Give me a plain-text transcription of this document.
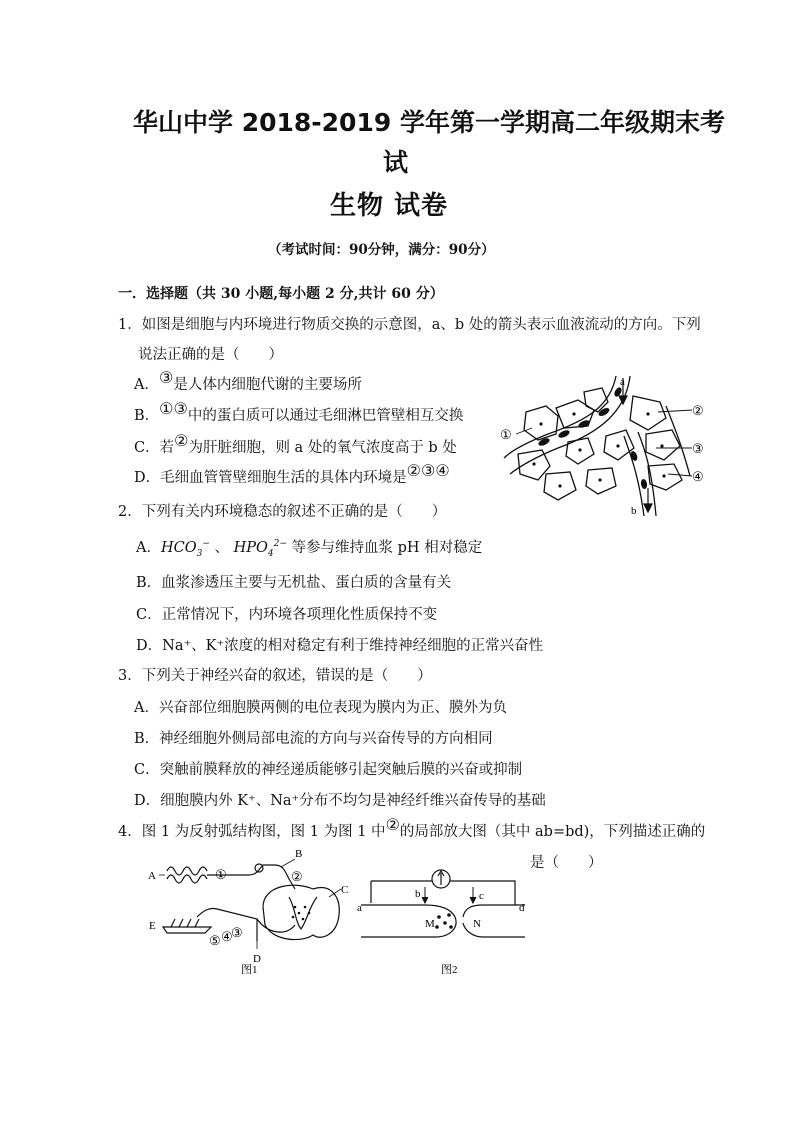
华山中学 2018-2019 学年第一学期高二年级期末考
试
生物 试卷
（考试时间：90分钟，满分：90分）
一．选择题（共 30 小题,每小题 2 分,共计 60 分）
1．如图是细胞与内环境进行物质交换的示意图，a、b 处的箭头表示血液流动的方向。下列
说法正确的是（　　）
A．③是人体内细胞代谢的主要场所
B．①③中的蛋白质可以通过毛细淋巴管壁相互交换
C．若②为肝脏细胞，则 a 处的氧气浓度高于 b 处
D．毛细血管管壁细胞生活的具体内环境是②③④
a
b
①
②
③
④
2．下列有关内环境稳态的叙述不正确的是（　　）
A．$HCO_3^-$ 、 $HPO_4^{2-}$ 等参与维持血浆 pH 相对稳定
B．血浆渗透压主要与无机盐、蛋白质的含量有关
C．正常情况下，内环境各项理化性质保持不变
D．Na⁺、K⁺浓度的相对稳定有利于维持神经细胞的正常兴奋性
3．下列关于神经兴奋的叙述，错误的是（　　）
A．兴奋部位细胞膜两侧的电位表现为膜内为正、膜外为负
B．神经细胞外侧局部电流的方向与兴奋传导的方向相同
C．突触前膜释放的神经递质能够引起突触后膜的兴奋或抑制
D．细胞膜内外 K⁺、Na⁺分布不均匀是神经纤维兴奋传导的基础
4．图 1 为反射弧结构图，图 1 为图 1 中②的局部放大图（其中 ab=bd)，下列描述正确的
是（　　）
A
B
C
D
E
①	②
③
④
⑤
图1
a
b	c
d
M	N
图2
